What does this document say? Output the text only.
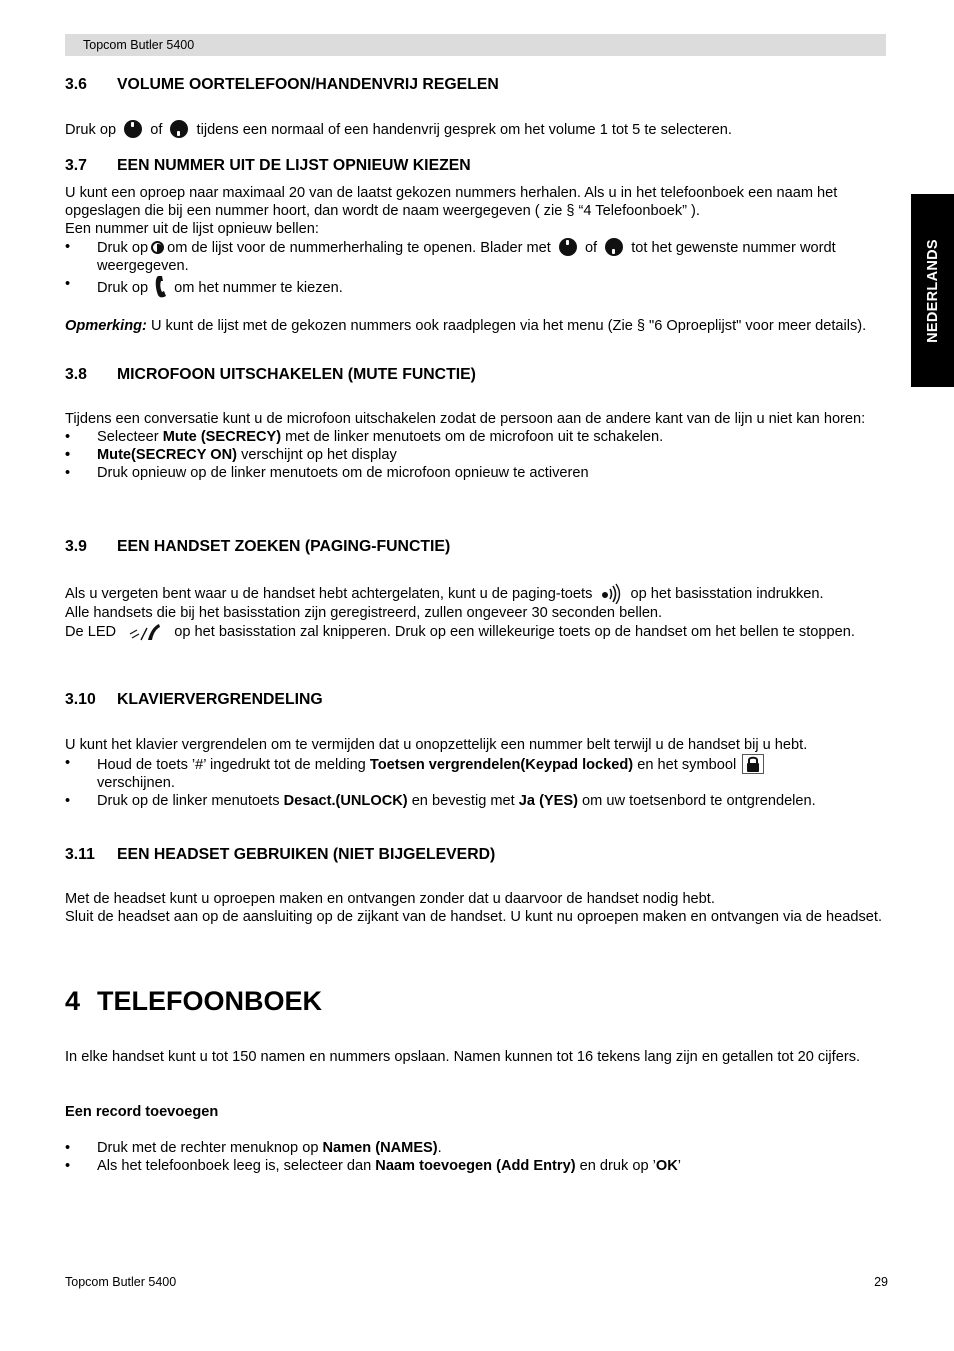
Topcom Butler 5400
NEDERLANDS
3.6 VOLUME OORTELEFOON/HANDENVRIJ REGELEN
Druk op of tijdens een normaal of een handenvrij gesprek om het volume 1 tot 5 te selecteren.
3.7 EEN NUMMER UIT DE LIJST OPNIEUW KIEZEN
U kunt een oproep naar maximaal 20 van de laatst gekozen nummers herhalen. Als u in het telefoonboek een naam het opgeslagen die bij een nummer hoort, dan wordt de naam weergegeven ( zie § “4 Telefoonboek” ).
Een nummer uit de lijst opnieuw bellen:
• Druk op om de lijst voor de nummerherhaling te openen. Blader met of tot het gewenste nummer wordt weergegeven.
• Druk op om het nummer te kiezen.
Opmerking: U kunt de lijst met de gekozen nummers ook raadplegen via het menu (Zie § "6 Oproeplijst" voor meer details).
3.8 MICROFOON UITSCHAKELEN (MUTE FUNCTIE)
Tijdens een conversatie kunt u de microfoon uitschakelen zodat de persoon aan de andere kant van de lijn u niet kan horen:
• Selecteer Mute (SECRECY) met de linker menutoets om de microfoon uit te schakelen.
• Mute(SECRECY ON) verschijnt op het display
• Druk opnieuw op de linker menutoets om de microfoon opnieuw te activeren
3.9 EEN HANDSET ZOEKEN (PAGING-FUNCTIE)
Als u vergeten bent waar u de handset hebt achtergelaten, kunt u de paging-toets	op het basisstation indrukken.
Alle handsets die bij het basisstation zijn geregistreerd, zullen ongeveer 30 seconden bellen.
De LED	op het basisstation zal knipperen. Druk op een willekeurige toets op de handset om het bellen te stoppen.
3.10 KLAVIERVERGRENDELING
U kunt het klavier vergrendelen om te vermijden dat u onopzettelijk een nummer belt terwijl u de handset bij u hebt.
• Houd de toets ’#’ ingedrukt tot de melding Toetsen vergrendelen(Keypad locked) en het symbool

verschijnen.
• Druk op de linker menutoets Desact.(UNLOCK) en bevestig met Ja (YES) om uw toetsenbord te ontgrendelen.
3.11 EEN HEADSET GEBRUIKEN (NIET BIJGELEVERD)
Met de headset kunt u oproepen maken en ontvangen zonder dat u daarvoor de handset nodig hebt.
Sluit de headset aan op de aansluiting op de zijkant van de handset. U kunt nu oproepen maken en ontvangen via de headset.
4 TELEFOONBOEK
In elke handset kunt u tot 150 namen en nummers opslaan. Namen kunnen tot 16 tekens lang zijn en getallen tot 20 cijfers.
Een record toevoegen
• Druk met de rechter menuknop op Namen (NAMES).
• Als het telefoonboek leeg is, selecteer dan Naam toevoegen (Add Entry) en druk op ’OK’
Topcom Butler 5400	29
